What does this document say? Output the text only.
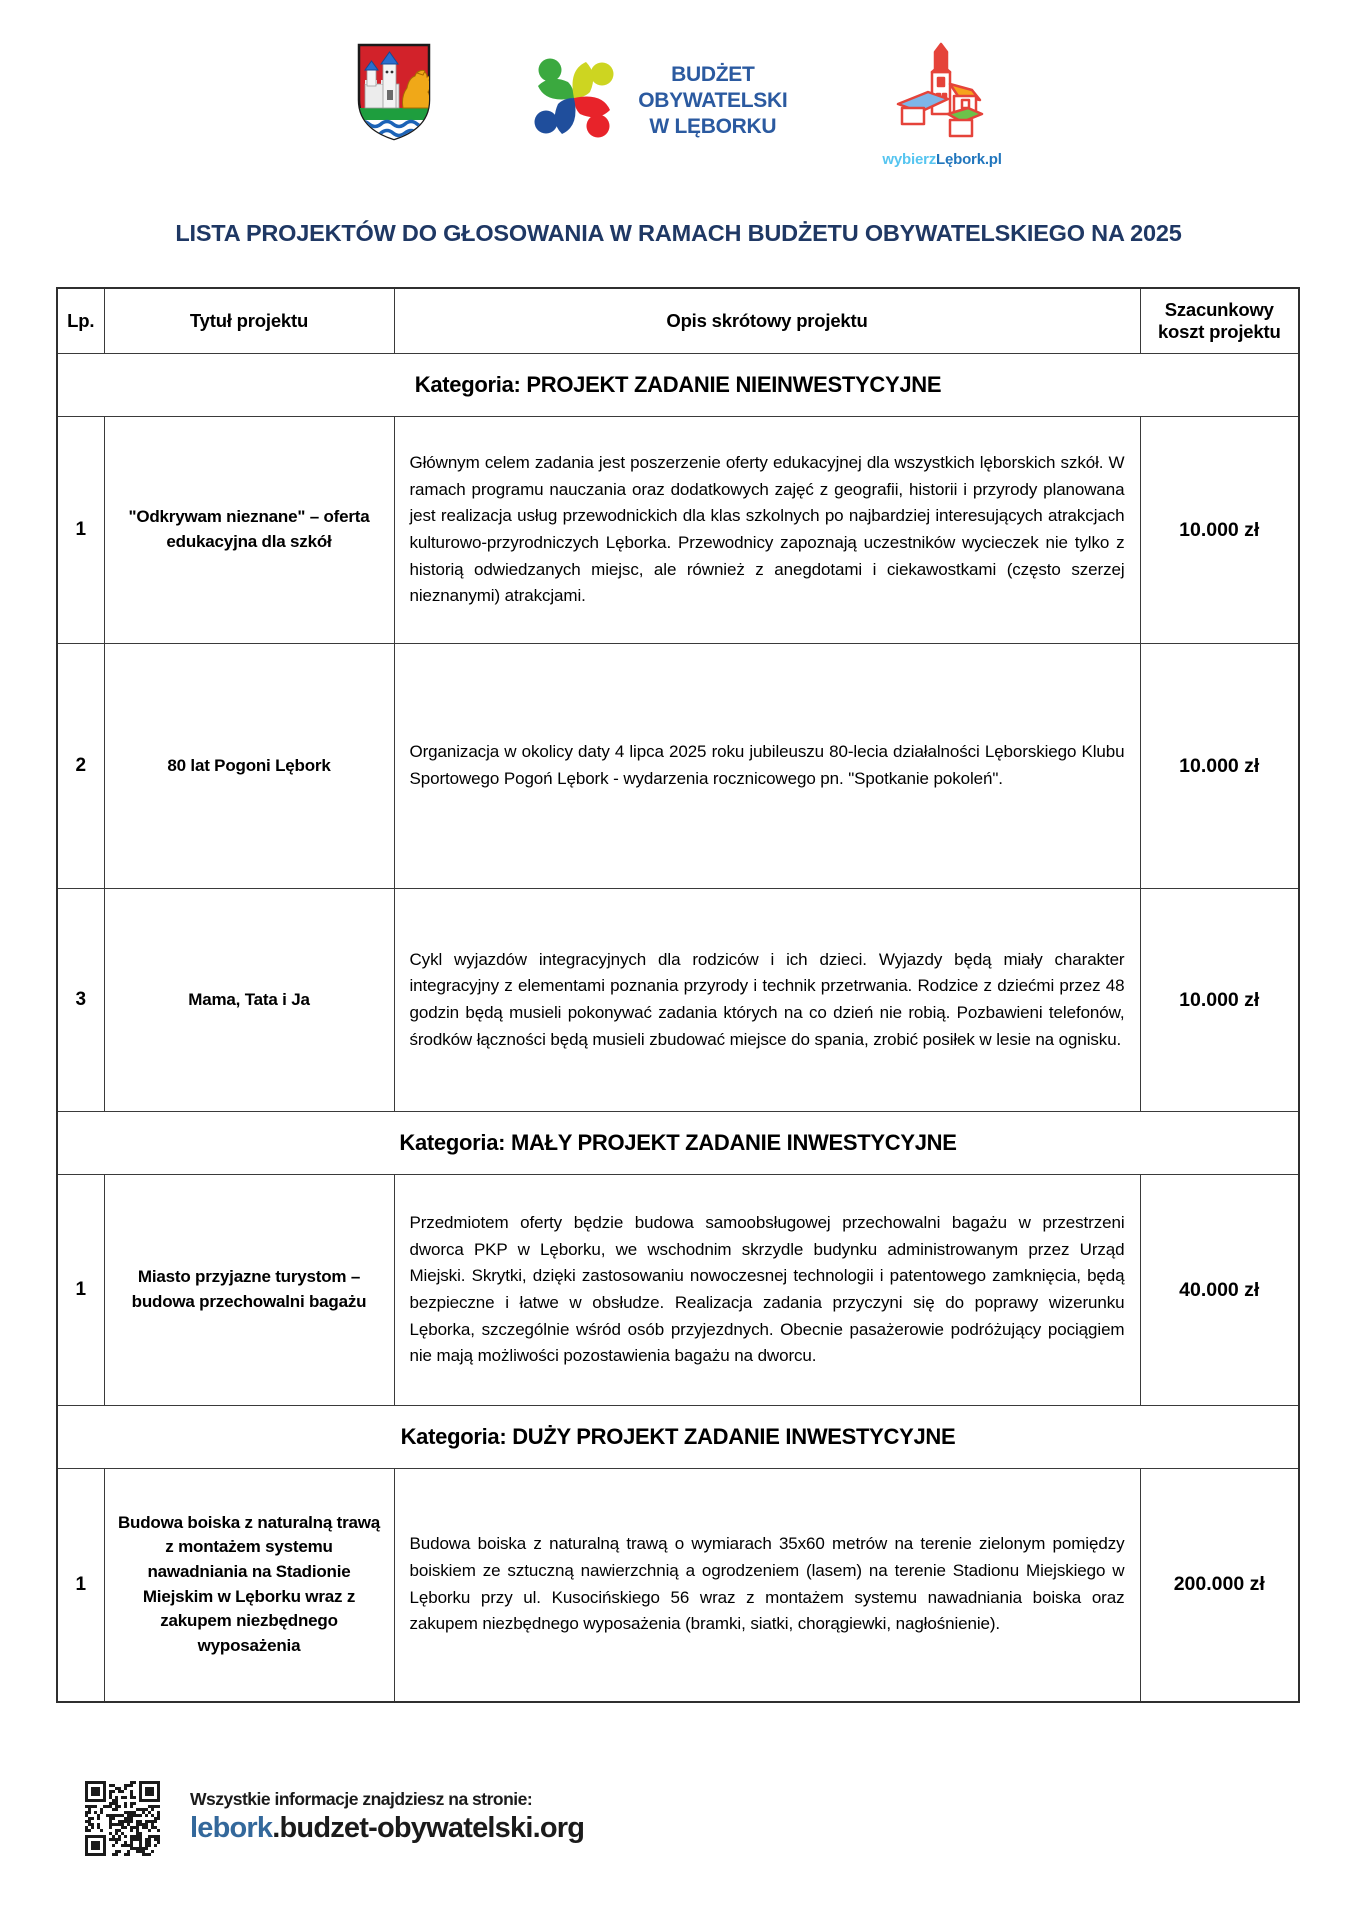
BUDŻET
OBYWATELSKI
W LĘBORKU
wybierzLębork.pl
LISTA PROJEKTÓW DO GŁOSOWANIA W RAMACH BUDŻETU OBYWATELSKIEGO NA 2025
Lp.	Tytuł projektu	Opis skrótowy projektu	Szacunkowy koszt projektu
Kategoria: PROJEKT ZADANIE NIEINWESTYCYJNE			
1	"Odkrywam nieznane" – oferta edukacyjna dla szkół	Głównym celem zadania jest poszerzenie oferty edukacyjnej dla wszystkich lęborskich szkół. W ramach programu nauczania oraz dodatkowych zajęć z geografii, historii i przyrody planowana jest realizacja usług przewodnickich dla klas szkolnych po najbardziej interesujących atrakcjach kulturowo-przyrodniczych Lęborka. Przewodnicy zapoznają uczestników wycieczek nie tylko z historią odwiedzanych miejsc, ale również z anegdotami i ciekawostkami (często szerzej nieznanymi) atrakcjami.	10.000 zł
2	80 lat Pogoni Lębork	Organizacja w okolicy daty 4 lipca 2025 roku jubileuszu 80-lecia działalności Lęborskiego Klubu Sportowego Pogoń Lębork - wydarzenia rocznicowego pn. "Spotkanie pokoleń".	10.000 zł
3	Mama, Tata i Ja	Cykl wyjazdów integracyjnych dla rodziców i ich dzieci. Wyjazdy będą miały charakter integracyjny z elementami poznania przyrody i technik przetrwania. Rodzice z dziećmi przez 48 godzin będą musieli pokonywać zadania których na co dzień nie robią. Pozbawieni telefonów, środków łączności będą musieli zbudować miejsce do spania, zrobić posiłek w lesie na ognisku.	10.000 zł
Kategoria: MAŁY PROJEKT ZADANIE INWESTYCYJNE			
1	Miasto przyjazne turystom – budowa przechowalni bagażu	Przedmiotem oferty będzie budowa samoobsługowej przechowalni bagażu w przestrzeni dworca PKP w Lęborku, we wschodnim skrzydle budynku administrowanym przez Urząd Miejski. Skrytki, dzięki zastosowaniu nowoczesnej technologii i patentowego zamknięcia, będą bezpieczne i łatwe w obsłudze. Realizacja zadania przyczyni się do poprawy wizerunku Lęborka, szczególnie wśród osób przyjezdnych. Obecnie pasażerowie podróżujący pociągiem nie mają możliwości pozostawienia bagażu na dworcu.	40.000 zł
Kategoria: DUŻY PROJEKT ZADANIE INWESTYCYJNE			
1	Budowa boiska z naturalną trawą z montażem systemu nawadniania na Stadionie Miejskim w Lęborku wraz z zakupem niezbędnego wyposażenia	Budowa boiska z naturalną trawą o wymiarach 35x60 metrów na terenie zielonym pomiędzy boiskiem ze sztuczną nawierzchnią a ogrodzeniem (lasem) na terenie Stadionu Miejskiego w Lęborku przy ul. Kusocińskiego 56 wraz z montażem systemu nawadniania boiska oraz zakupem niezbędnego wyposażenia (bramki, siatki, chorągiewki, nagłośnienie).	200.000 zł
Wszystkie informacje znajdziesz na stronie:
lebork.budzet-obywatelski.org
